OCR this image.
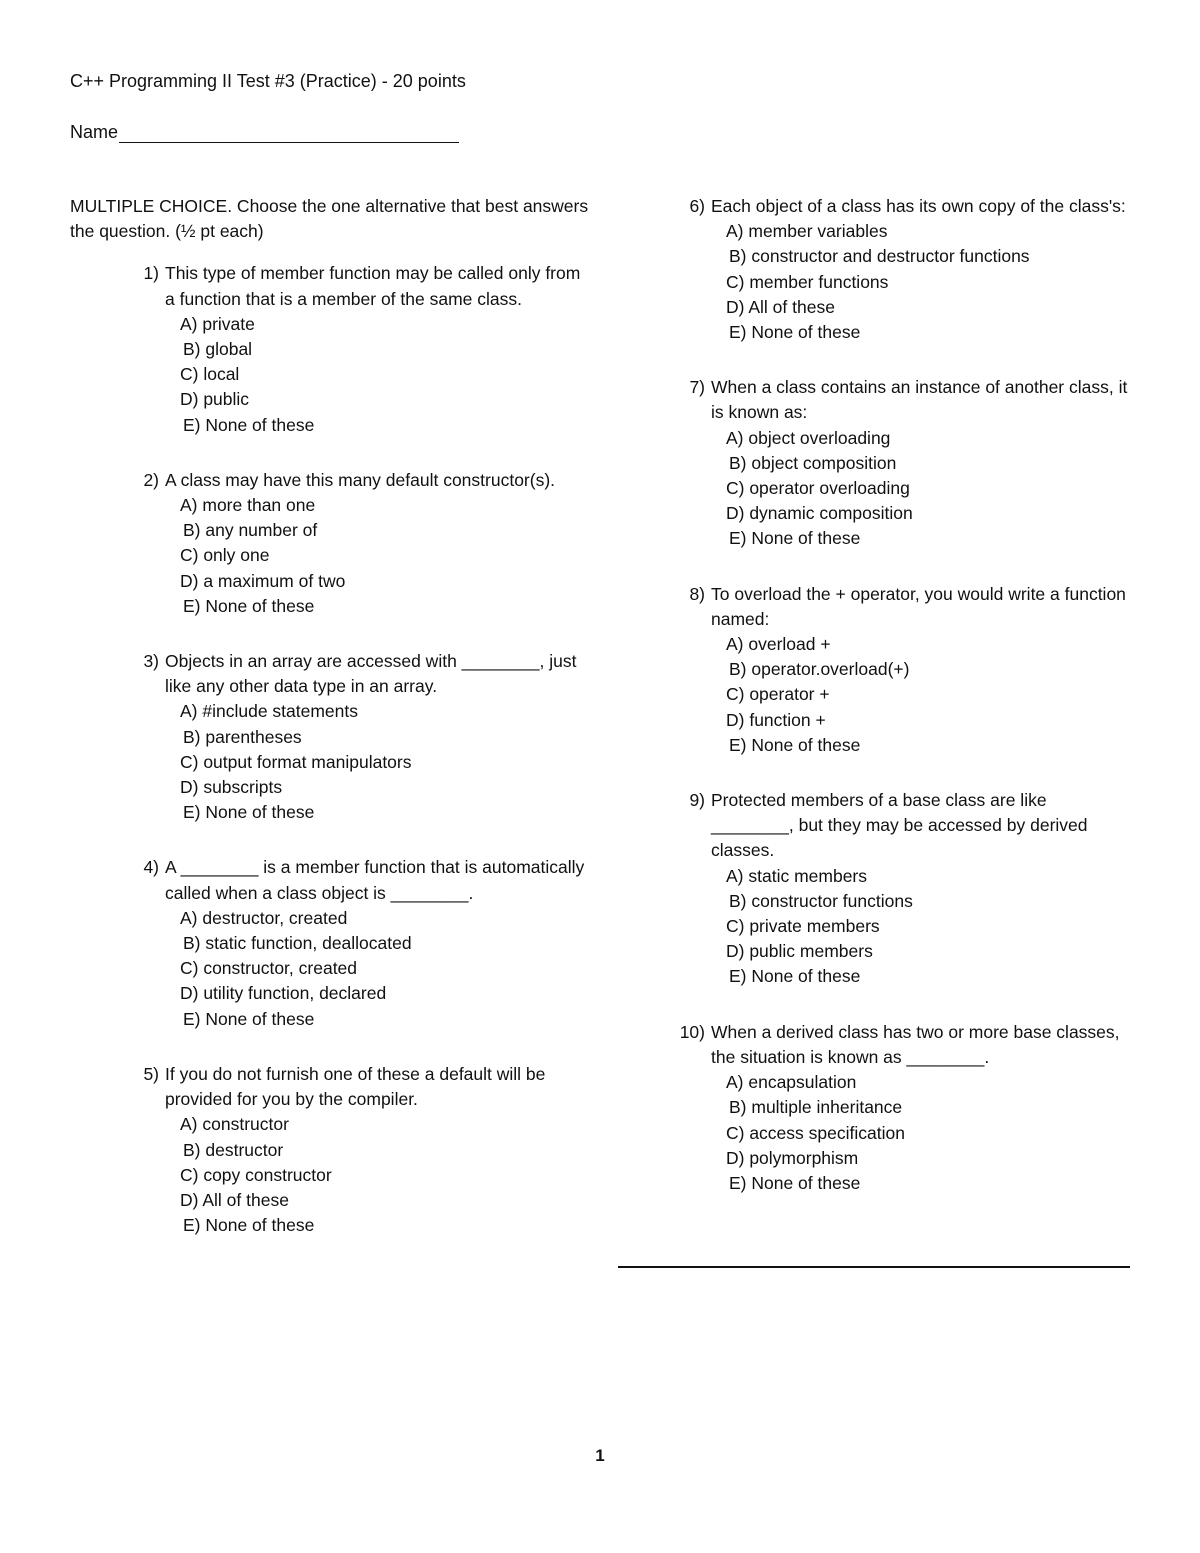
C++ Programming II Test #3 (Practice) - 20 points
Name
MULTIPLE CHOICE. Choose the one alternative that best answers the question. (½ pt each)
1) This type of member function may be called only from a function that is a member of the same class.
A) private
B) global
C) local
D) public
E) None of these
2) A class may have this many default constructor(s).
A) more than one
B) any number of
C) only one
D) a maximum of two
E) None of these
3) Objects in an array are accessed with ________, just like any other data type in an array.
A) #include statements
B) parentheses
C) output format manipulators
D) subscripts
E) None of these
4) A ________ is a member function that is automatically called when a class object is ________.
A) destructor, created
B) static function, deallocated
C) constructor, created
D) utility function, declared
E) None of these
5) If you do not furnish one of these a default will be provided for you by the compiler.
A) constructor
B) destructor
C) copy constructor
D) All of these
E) None of these
6) Each object of a class has its own copy of the class's:
A) member variables
B) constructor and destructor functions
C) member functions
D) All of these
E) None of these
7) When a class contains an instance of another class, it is known as:
A) object overloading
B) object composition
C) operator overloading
D) dynamic composition
E) None of these
8) To overload the + operator, you would write a function named:
A) overload +
B) operator.overload(+)
C) operator +
D) function +
E) None of these
9) Protected members of a base class are like ________, but they may be accessed by derived classes.
A) static members
B) constructor functions
C) private members
D) public members
E) None of these
10) When a derived class has two or more base classes, the situation is known as ________.
A) encapsulation
B) multiple inheritance
C) access specification
D) polymorphism
E) None of these
1
